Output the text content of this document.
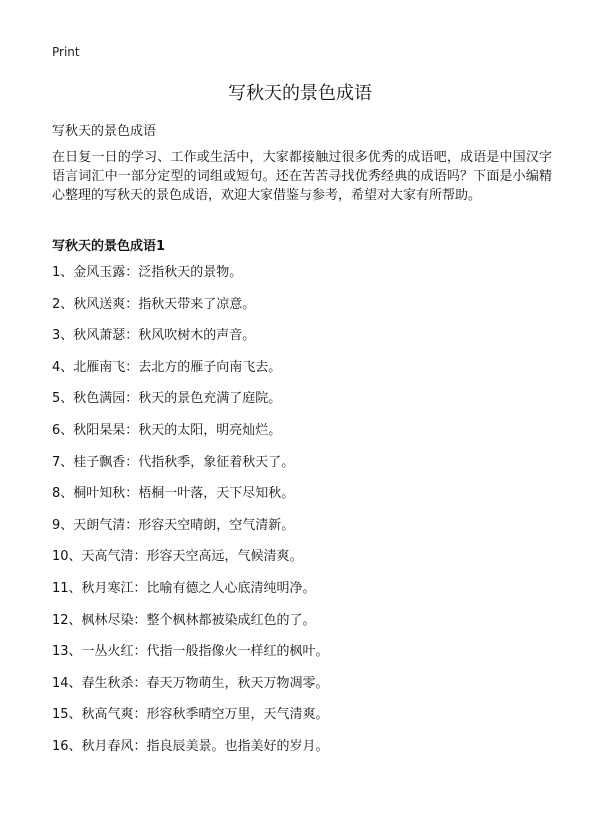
Print
写秋天的景色成语
写秋天的景色成语

在日复一日的学习、工作或生活中，大家都接触过很多优秀的成语吧，成语是中国汉字语言词汇中一部分定型的词组或短句。还在苦苦寻找优秀经典的成语吗？下面是小编精心整理的写秋天的景色成语，欢迎大家借鉴与参考，希望对大家有所帮助。

写秋天的景色成语1
1、金风玉露：泛指秋天的景物。
2、秋风送爽：指秋天带来了凉意。
3、秋风萧瑟：秋风吹树木的声音。
4、北雁南飞：去北方的雁子向南飞去。
5、秋色满园：秋天的景色充满了庭院。
6、秋阳杲杲：秋天的太阳，明亮灿烂。
7、桂子飘香：代指秋季，象征着秋天了。
8、桐叶知秋：梧桐一叶落，天下尽知秋。
9、天朗气清：形容天空晴朗，空气清新。
10、天高气清：形容天空高远，气候清爽。
11、秋月寒江：比喻有德之人心底清纯明净。
12、枫林尽染：整个枫林都被染成红色的了。
13、一丛火红：代指一般指像火一样红的枫叶。
14、春生秋杀：春天万物萌生，秋天万物凋零。
15、秋高气爽：形容秋季晴空万里，天气清爽。
16、秋月春风：指良辰美景。也指美好的岁月。
